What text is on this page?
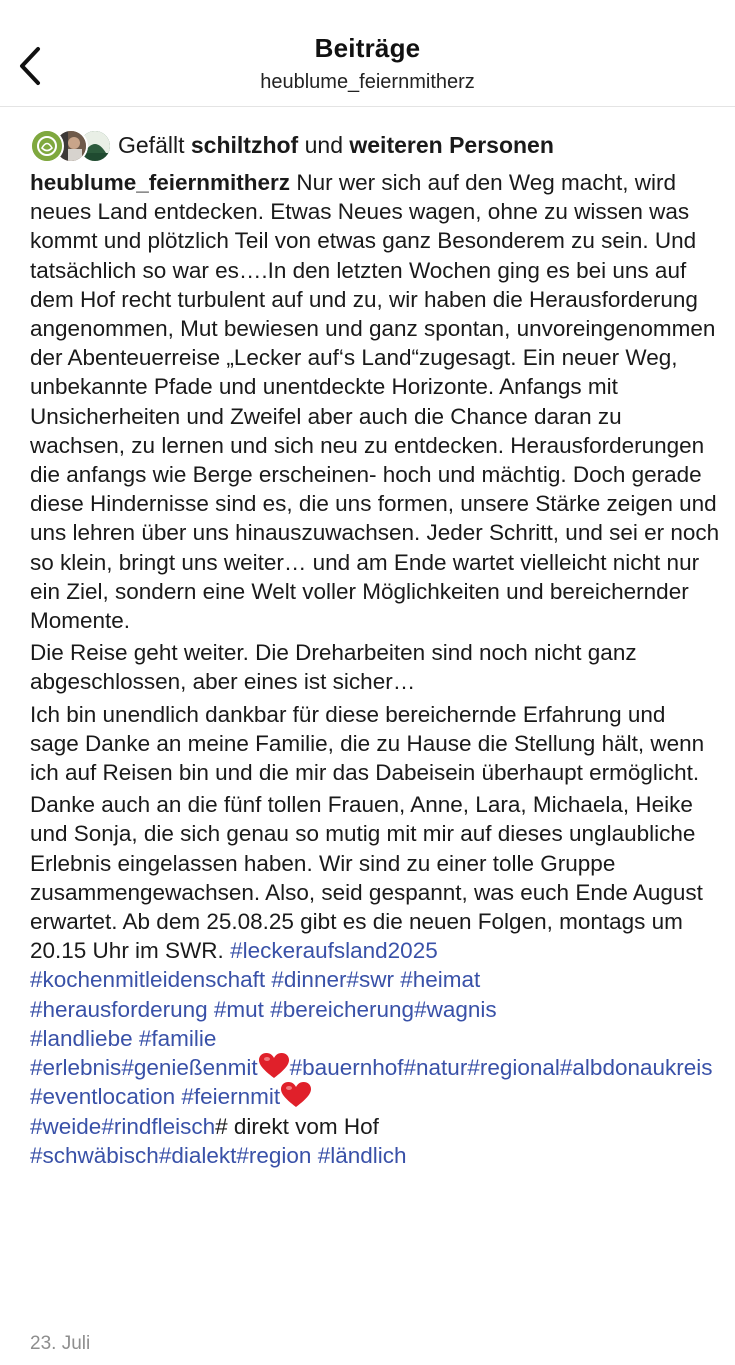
Beiträge
heublume_feiernmitherz
Gefällt schiltzhof und weiteren Personen

heublume_feiernmitherz Nur wer sich auf den Weg macht, wird neues Land entdecken. Etwas Neues wagen, ohne zu wissen was kommt und plötzlich Teil von etwas ganz Besonderem zu sein. Und tatsächlich so war es….In den letzten Wochen ging es bei uns auf dem Hof recht turbulent auf und zu, wir haben die Herausforderung angenommen, Mut bewiesen und ganz spontan, unvoreingenommen der Abenteuerreise „Lecker auf‘s Land“zugesagt. Ein neuer Weg, unbekannte Pfade und unentdeckte Horizonte. Anfangs mit Unsicherheiten und Zweifel aber auch die Chance daran zu wachsen, zu lernen und sich neu zu entdecken. Herausforderungen die anfangs wie Berge erscheinen- hoch und mächtig. Doch gerade diese Hindernisse sind es, die uns formen, unsere Stärke zeigen und uns lehren über uns hinauszuwachsen. Jeder Schritt, und sei er noch so klein, bringt uns weiter… und am Ende wartet vielleicht nicht nur ein Ziel, sondern eine Welt voller Möglichkeiten und bereichernder Momente.

Die Reise geht weiter. Die Dreharbeiten sind noch nicht ganz abgeschlossen, aber eines ist sicher…

Ich bin unendlich dankbar für diese bereichernde Erfahrung und sage Danke an meine Familie, die zu Hause die Stellung hält, wenn ich auf Reisen bin und die mir das Dabeisein überhaupt ermöglicht.

Danke auch an die fünf tollen Frauen, Anne, Lara, Michaela, Heike und Sonja, die sich genau so mutig mit mir auf dieses unglaubliche Erlebnis eingelassen haben. Wir sind zu einer tolle Gruppe zusammengewachsen. Also, seid gespannt, was euch Ende August erwartet. Ab dem 25.08.25 gibt es die neuen Folgen, montags um 20.15 Uhr im SWR. #leckeraufsland2025
#kochenmitleidenschaft #dinner#swr #heimat
#herausforderung #mut #bereicherung#wagnis
#landliebe #familie
#erlebnis#genießenmit #bauernhof#natur#regional#albdonaukreis #eventlocation #feiernmit
#weide#rindfleisch# direkt vom Hof
#schwäbisch#dialekt#region #ländlich

23. Juli
